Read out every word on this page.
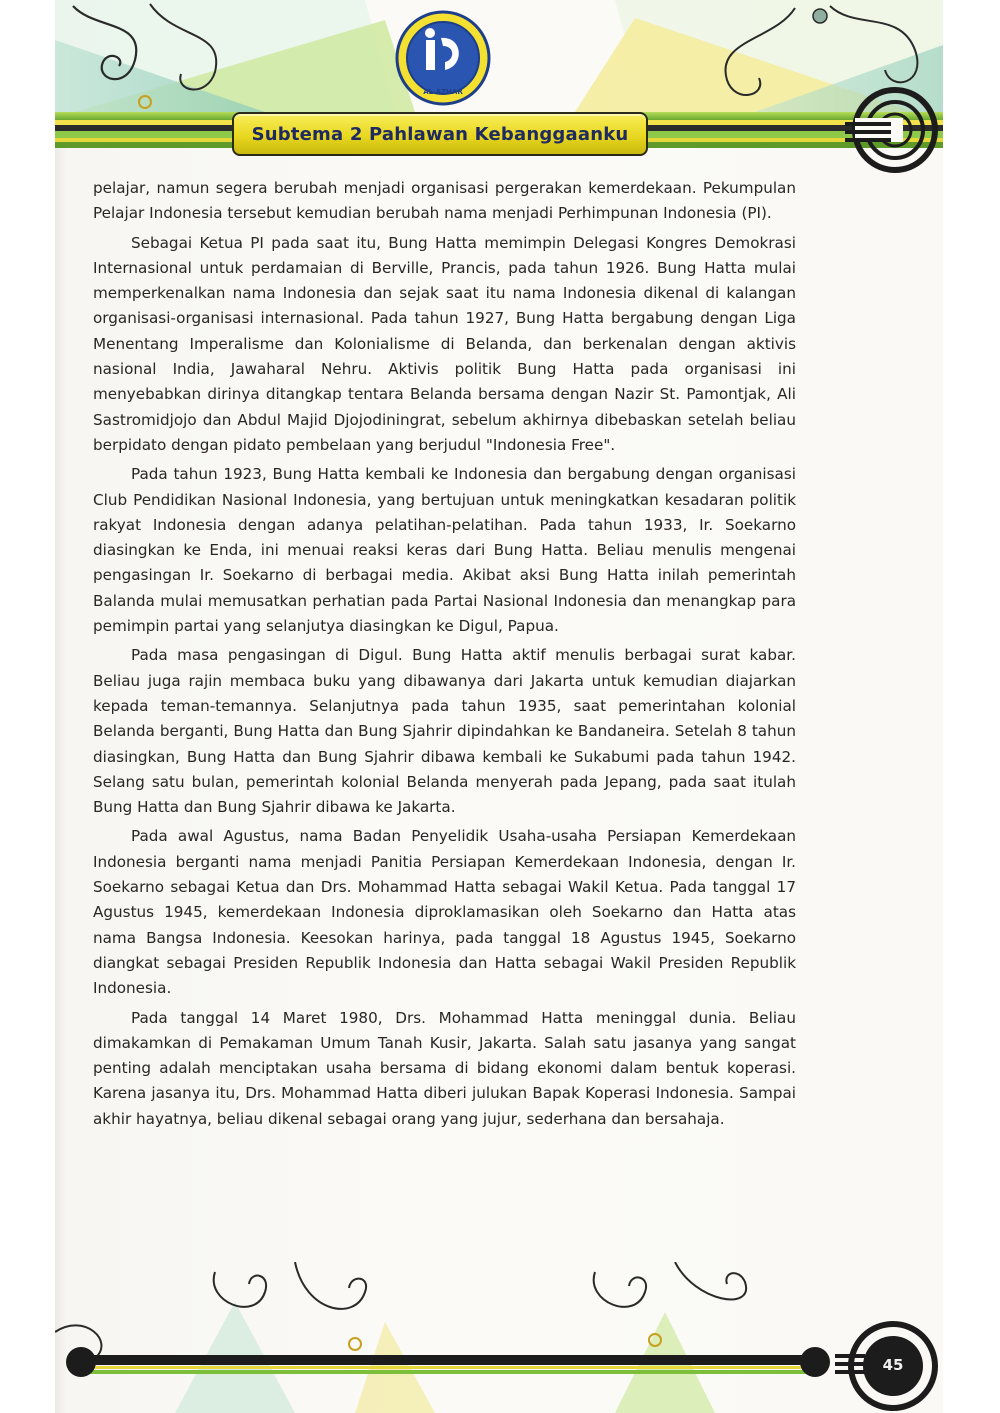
AL AZHAR
Subtema 2 Pahlawan Kebanggaanku

pelajar, namun segera berubah menjadi organisasi pergerakan kemerdekaan. Pekumpulan Pelajar Indonesia tersebut kemudian berubah nama menjadi Perhimpunan Indonesia (PI).

Sebagai Ketua PI pada saat itu, Bung Hatta memimpin Delegasi Kongres Demokrasi Internasional untuk perdamaian di Berville, Prancis, pada tahun 1926. Bung Hatta mulai memperkenalkan nama Indonesia dan sejak saat itu nama Indonesia dikenal di kalangan organisasi-organisasi internasional. Pada tahun 1927, Bung Hatta bergabung dengan Liga Menentang Imperalisme dan Kolonialisme di Belanda, dan berkenalan dengan aktivis nasional India, Jawaharal Nehru. Aktivis politik Bung Hatta pada organisasi ini menyebabkan dirinya ditangkap tentara Belanda bersama dengan Nazir St. Pamontjak, Ali Sastromidjojo dan Abdul Majid Djojodiningrat, sebelum akhirnya dibebaskan setelah beliau berpidato dengan pidato pembelaan yang berjudul "Indonesia Free".

Pada tahun 1923, Bung Hatta kembali ke Indonesia dan bergabung dengan organisasi Club Pendidikan Nasional Indonesia, yang bertujuan untuk meningkatkan kesadaran politik rakyat Indonesia dengan adanya pelatihan-pelatihan. Pada tahun 1933, Ir. Soekarno diasingkan ke Enda, ini menuai reaksi keras dari Bung Hatta. Beliau menulis mengenai pengasingan Ir. Soekarno di berbagai media. Akibat aksi Bung Hatta inilah pemerintah Balanda mulai memusatkan perhatian pada Partai Nasional Indonesia dan menangkap para pemimpin partai yang selanjutya diasingkan ke Digul, Papua.

Pada masa pengasingan di Digul. Bung Hatta aktif menulis berbagai surat kabar. Beliau juga rajin membaca buku yang dibawanya dari Jakarta untuk kemudian diajarkan kepada teman-temannya. Selanjutnya pada tahun 1935, saat pemerintahan kolonial Belanda berganti, Bung Hatta dan Bung Sjahrir dipindahkan ke Bandaneira. Setelah 8 tahun diasingkan, Bung Hatta dan Bung Sjahrir dibawa kembali ke Sukabumi pada tahun 1942. Selang satu bulan, pemerintah kolonial Belanda menyerah pada Jepang, pada saat itulah Bung Hatta dan Bung Sjahrir dibawa ke Jakarta.

Pada awal Agustus, nama Badan Penyelidik Usaha-usaha Persiapan Kemerdekaan Indonesia berganti nama menjadi Panitia Persiapan Kemerdekaan Indonesia, dengan Ir. Soekarno sebagai Ketua dan Drs. Mohammad Hatta sebagai Wakil Ketua. Pada tanggal 17 Agustus 1945, kemerdekaan Indonesia diproklamasikan oleh Soekarno dan Hatta atas nama Bangsa Indonesia. Keesokan harinya, pada tanggal 18 Agustus 1945, Soekarno diangkat sebagai Presiden Republik Indonesia dan Hatta sebagai Wakil Presiden Republik Indonesia.

Pada tanggal 14 Maret 1980, Drs. Mohammad Hatta meninggal dunia. Beliau dimakamkan di Pemakaman Umum Tanah Kusir, Jakarta. Salah satu jasanya yang sangat penting adalah menciptakan usaha bersama di bidang ekonomi dalam bentuk koperasi. Karena jasanya itu, Drs. Mohammad Hatta diberi julukan Bapak Koperasi Indonesia. Sampai akhir hayatnya, beliau dikenal sebagai orang yang jujur, sederhana dan bersahaja.

45
